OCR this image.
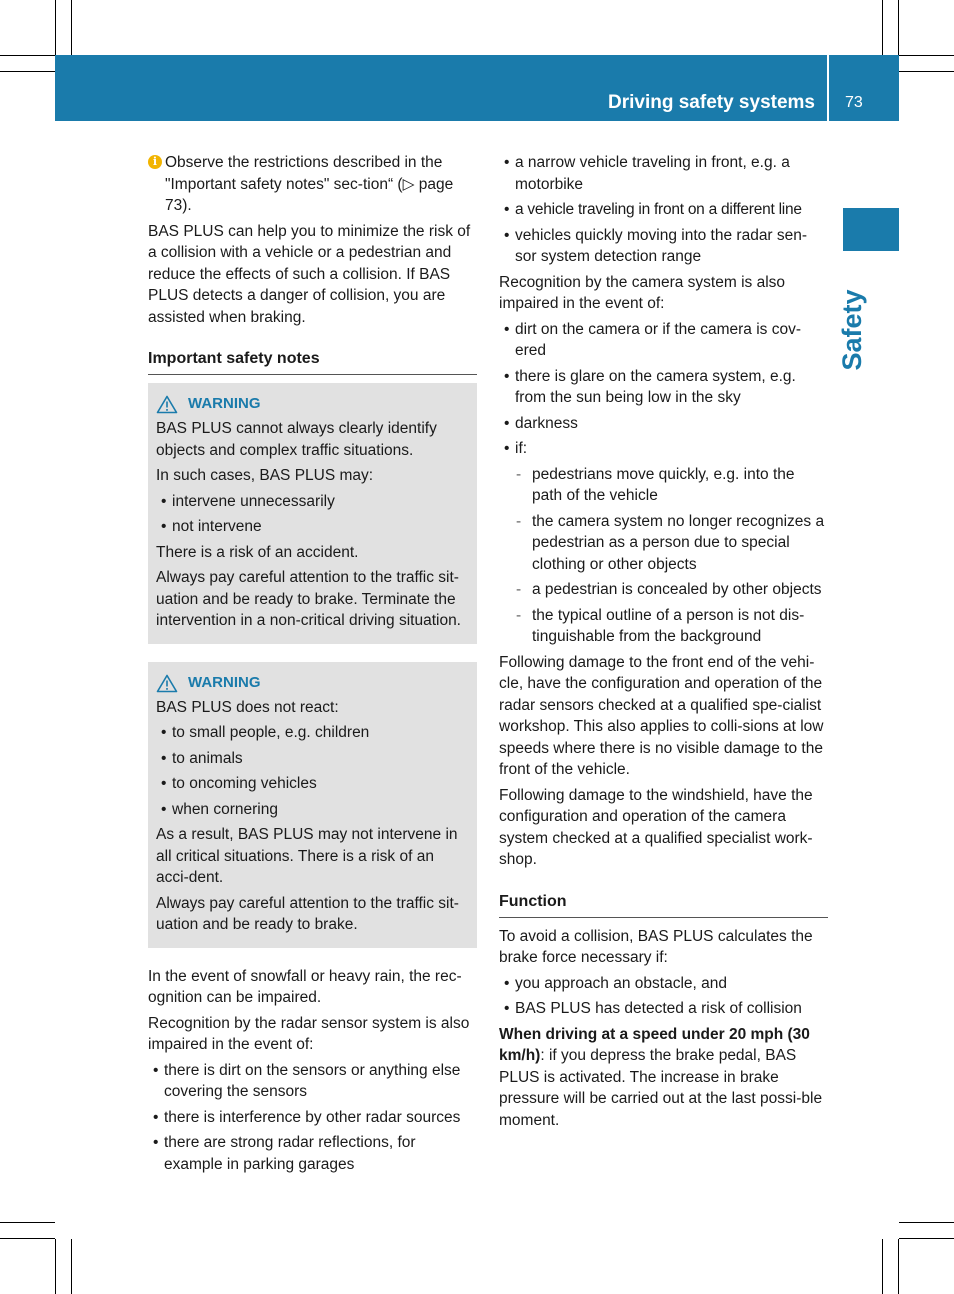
Driving safety systems 73
Safety
i Observe the restrictions described in the "Important safety notes" sec-tion“ (▷ page 73).

BAS PLUS can help you to minimize the risk of a collision with a vehicle or a pedestrian and reduce the effects of such a collision. If BAS PLUS detects a danger of collision, you are assisted when braking.

Important safety notes
WARNING

BAS PLUS cannot always clearly identify objects and complex traffic situations.

In such cases, BAS PLUS may:

• intervene unnecessarily
• not intervene

There is a risk of an accident.

Always pay careful attention to the traffic sit-uation and be ready to brake. Terminate the intervention in a non-critical driving situation.

WARNING

BAS PLUS does not react:

• to small people, e.g. children
• to animals
• to oncoming vehicles
• when cornering

As a result, BAS PLUS may not intervene in all critical situations. There is a risk of an acci-dent.

Always pay careful attention to the traffic sit-uation and be ready to brake.

In the event of snowfall or heavy rain, the rec-ognition can be impaired.

Recognition by the radar sensor system is also impaired in the event of:

• there is dirt on the sensors or anything else covering the sensors
• there is interference by other radar sources
• there are strong radar reflections, for example in parking garages
• a narrow vehicle traveling in front, e.g. a motorbike
• a vehicle traveling in front on a different line
• vehicles quickly moving into the radar sen-sor system detection range

Recognition by the camera system is also impaired in the event of:

• dirt on the camera or if the camera is cov-ered
• there is glare on the camera system, e.g. from the sun being low in the sky
• darkness
• if:
- pedestrians move quickly, e.g. into the path of the vehicle
- the camera system no longer recognizes a pedestrian as a person due to special clothing or other objects
- a pedestrian is concealed by other objects
- the typical outline of a person is not dis-tinguishable from the background

Following damage to the front end of the vehi-cle, have the configuration and operation of the radar sensors checked at a qualified spe-cialist workshop. This also applies to colli-sions at low speeds where there is no visible damage to the front of the vehicle.

Following damage to the windshield, have the configuration and operation of the camera system checked at a qualified specialist work-shop.

Function

To avoid a collision, BAS PLUS calculates the brake force necessary if:

• you approach an obstacle, and
• BAS PLUS has detected a risk of collision

When driving at a speed under 20 mph (30 km/h): if you depress the brake pedal, BAS PLUS is activated. The increase in brake pressure will be carried out at the last possi-ble moment.
